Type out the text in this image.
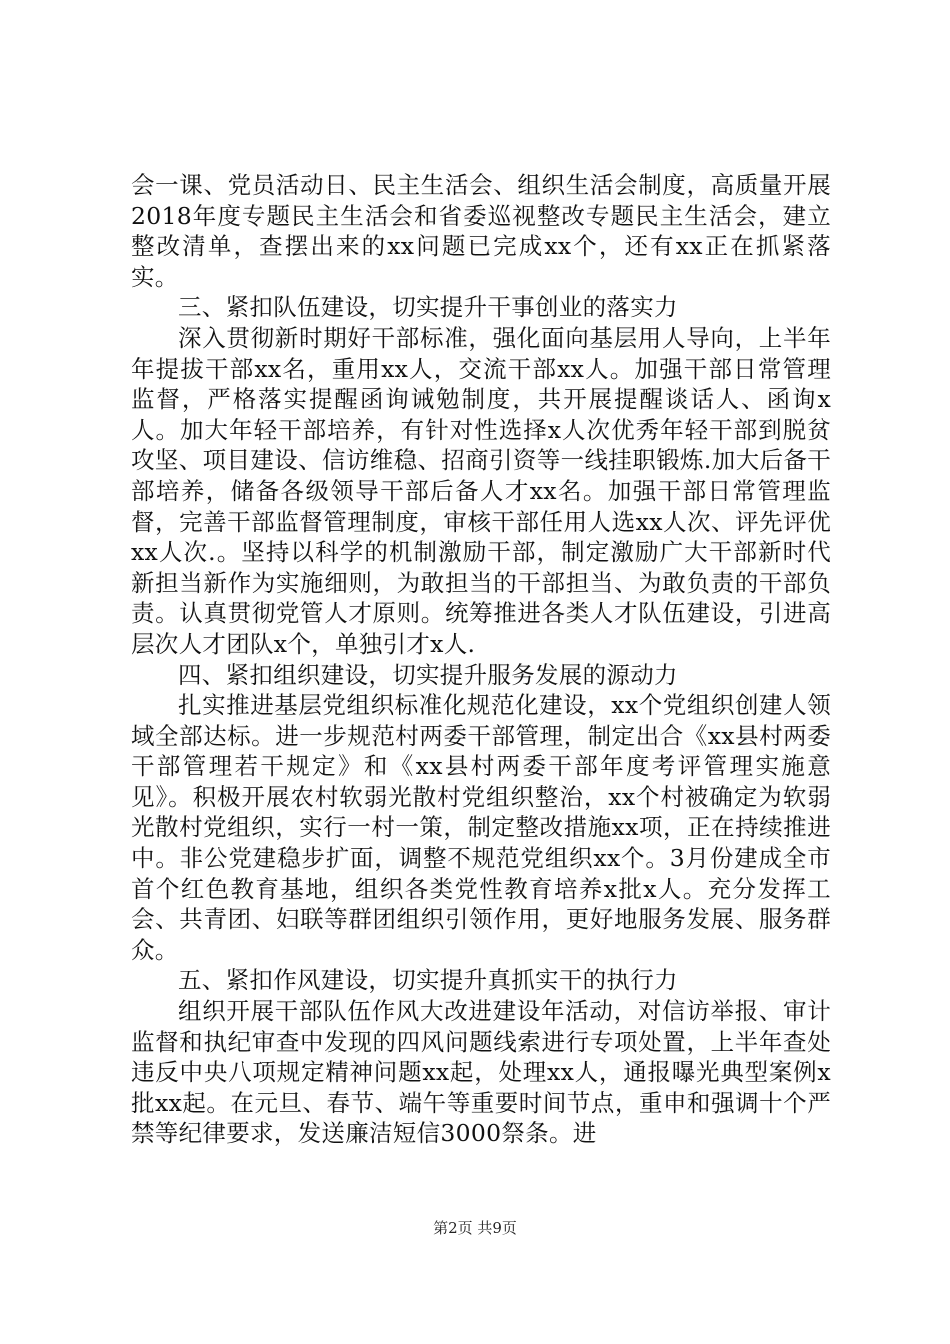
会一课、党员活动日、民主生活会、组织生活会制度，高质量开展2018年度专题民主生活会和省委巡视整改专题民主生活会，建立整改清单，查摆出来的xx问题已完成xx个，还有xx正在抓紧落实。

三、紧扣队伍建设，切实提升干事创业的落实力

深入贯彻新时期好干部标准，强化面向基层用人导向，上半年年提拔干部xx名，重用xx人，交流干部xx人。加强干部日常管理监督，严格落实提醒函询诫勉制度，共开展提醒谈话人、函询x人。加大年轻干部培养，有针对性选择x人次优秀年轻干部到脱贫攻坚、项目建设、信访维稳、招商引资等一线挂职锻炼.加大后备干部培养，储备各级领导干部后备人才xx名。加强干部日常管理监督，完善干部监督管理制度，审核干部任用人选xx人次、评先评优xx人次.。坚持以科学的机制激励干部，制定激励广大干部新时代新担当新作为实施细则，为敢担当的干部担当、为敢负责的干部负责。认真贯彻党管人才原则。统筹推进各类人才队伍建设，引进高层次人才团队x个，单独引才x人.

四、紧扣组织建设，切实提升服务发展的源动力

扎实推进基层党组织标准化规范化建设，xx个党组织创建人领域全部达标。进一步规范村两委干部管理，制定出合《xx县村两委干部管理若干规定》和《xx县村两委干部年度考评管理实施意见》。积极开展农村软弱光散村党组织整治，xx个村被确定为软弱光散村党组织，实行一村一策，制定整改措施xx项，正在持续推进中。非公党建稳步扩面，调整不规范党组织xx个。3月份建成全市首个红色教育基地，组织各类党性教育培养x批x人。充分发挥工会、共青团、妇联等群团组织引领作用，更好地服务发展、服务群众。

五、紧扣作风建设，切实提升真抓实干的执行力

组织开展干部队伍作风大改进建设年活动，对信访举报、审计监督和执纪审查中发现的四风问题线索进行专项处置，上半年查处违反中央八项规定精神问题xx起，处理xx人，通报曝光典型案例x批xx起。在元旦、春节、端午等重要时间节点，重申和强调十个严禁等纪律要求，发送廉洁短信3000祭条。进

第2页 共9页
